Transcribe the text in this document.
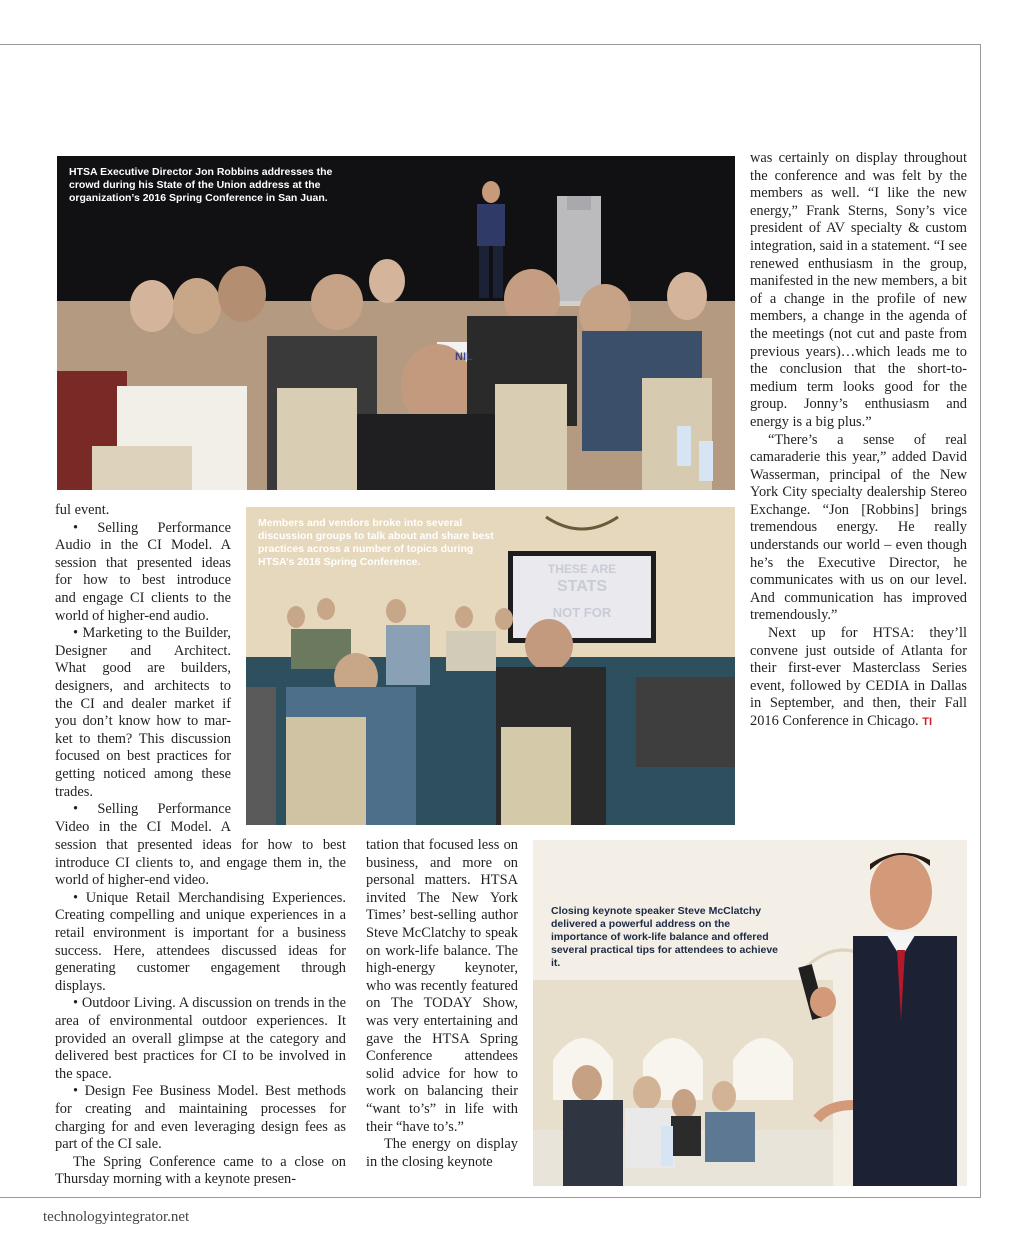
NIL

HTSA Executive Director Jon Robbins addresses the crowd during his State of the Union address at the organization’s 2016 Spring Conference in San Juan.

THESE ARE
STATS
NOT FOR

Members and vendors broke into several discussion groups to talk about and share best practices across a number of topics during HTSA’s 2016 Spring Conference.

Closing keynote speaker Steve McClatchy delivered a powerful address on the importance of work-life balance and offered several practical tips for attendees to achieve it.

ful event.
• Selling Performance
Audio in the CI Model. A
session that presented ideas
for how to best introduce
and engage CI clients to the
world of higher-end audio.
• Marketing to the Builder,
Designer and Architect.
What good are builders,
designers, and architects to
the CI and dealer market if
you don’t know how to mar-
ket to them? This discussion
focused on best practices for
getting noticed among these
trades.
• Selling Performance
Video in the CI Model. A

session that presented ideas for how to best introduce CI clients to, and engage them in, the world of higher-end video.

• Unique Retail Merchandising Experiences. Creating compelling and unique experiences in a retail environment is important for a business success. Here, attendees discussed ideas for generating customer engagement through displays.

• Outdoor Living. A discussion on trends in the area of environmental outdoor experiences. It provided an overall glimpse at the category and delivered best practices for CI to be involved in the space.

• Design Fee Business Model. Best methods for creating and maintaining processes for charging for and even leveraging design fees as part of the CI sale.

The Spring Conference came to a close on Thursday morning with a keynote presen-

tation that focused less on business, and more on personal matters. HTSA invited The New York Times’ best-selling author Steve McClatchy to speak on work-life balance. The high-energy keynoter, who was recently featured on The TODAY Show, was very entertaining and gave the HTSA Spring Conference attendees solid advice for how to work on balancing their “want to’s” in life with their “have to’s.”

The energy on display in the closing keynote

was certainly on display throughout the conference and was felt by the members as well. “I like the new energy,” Frank Sterns, Sony’s vice president of AV specialty & custom integration, said in a statement. “I see renewed enthusiasm in the group, manifested in the new members, a bit of a change in the profile of new members, a change in the agenda of the meetings (not cut and paste from previous years)…which leads me to the conclusion that the short-to-medium term looks good for the group. Jonny’s enthusiasm and energy is a big plus.”

“There’s a sense of real camaraderie this year,” added David Wasserman, principal of the New York City specialty dealership Stereo Exchange. “Jon [Robbins] brings tremendous energy. He really understands our world – even though he’s the Executive Director, he communicates with us on our level. And communication has improved tremendously.”

Next up for HTSA: they’ll convene just outside of Atlanta for their first-ever Masterclass Series event, followed by CEDIA in Dallas in September, and then, their Fall 2016 Conference in Chicago. TI

technologyintegrator.net
